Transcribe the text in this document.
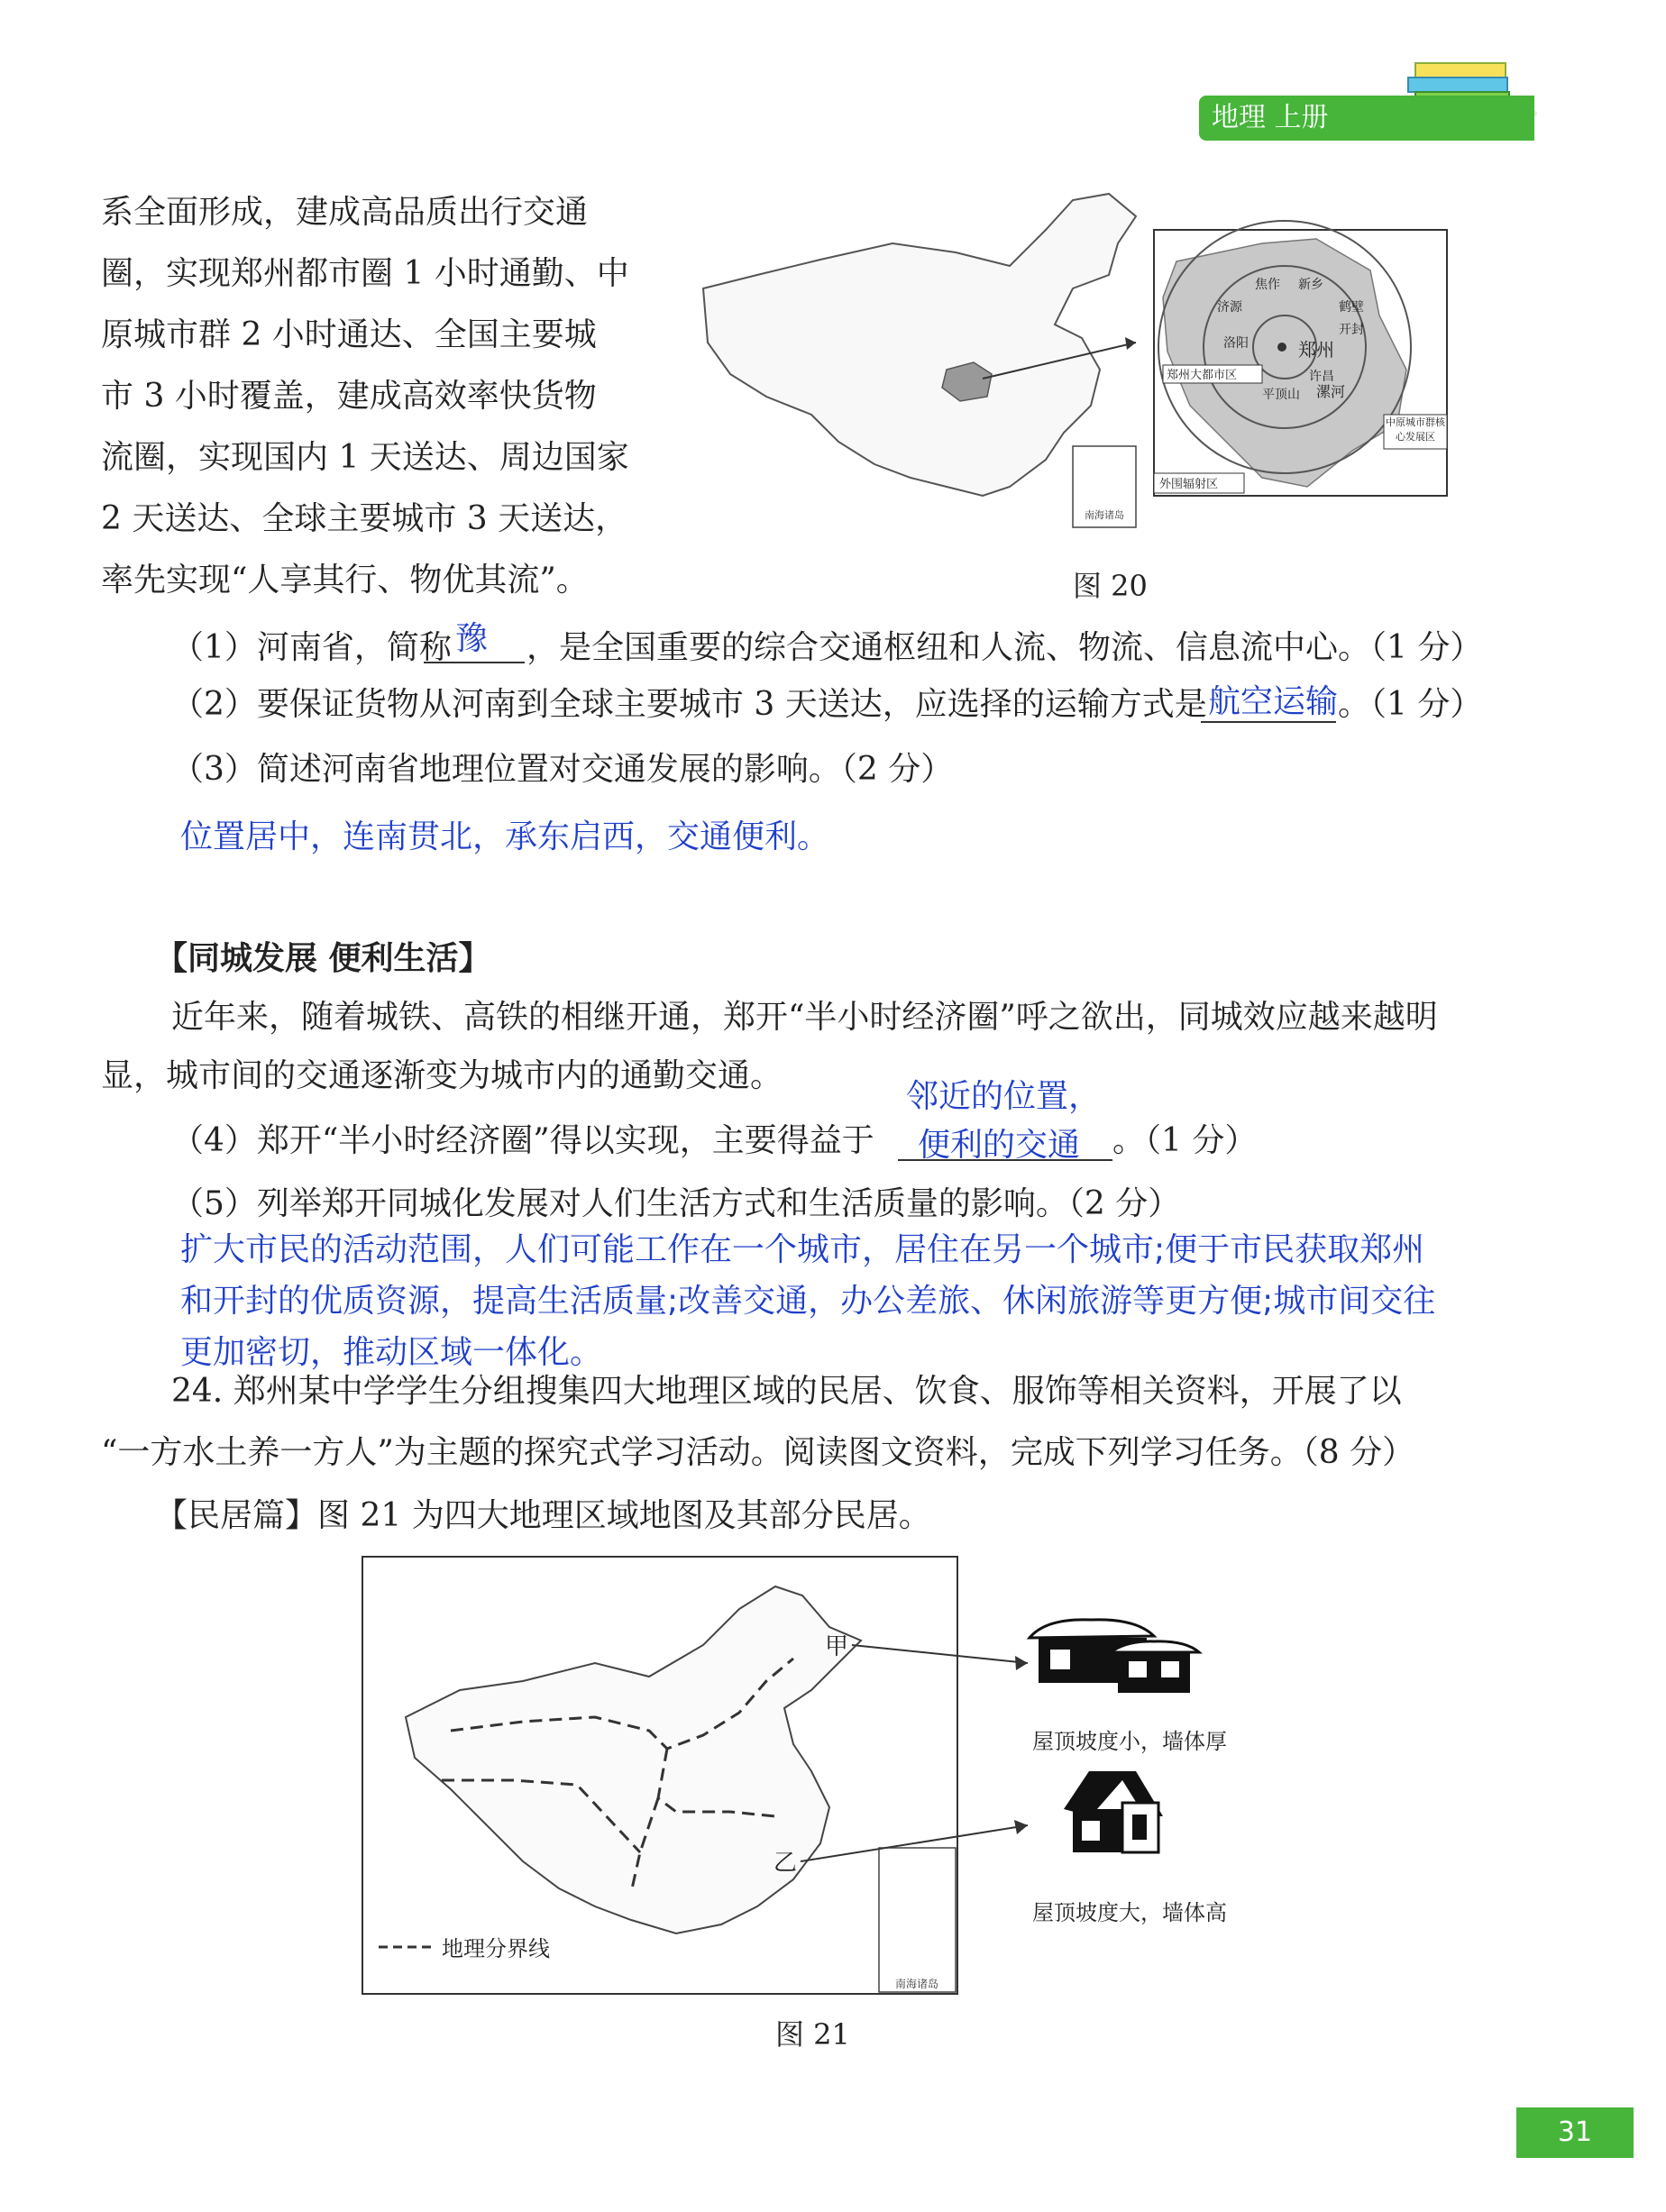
地理 上册
系全面形成，建成高品质出行交通
圈，实现郑州都市圈 1 小时通勤、中
原城市群 2 小时通达、全国主要城
市 3 小时覆盖，建成高效率快货物
流圈，实现国内 1 天送达、周边国家
2 天送达、全球主要城市 3 天送达，
率先实现“人享其行、物优其流”。
南海诸岛
郑州
焦作 新乡
济源	鹤壁
洛阳
开封
郑州大都市区	许昌
平顶山 漯河
中原城市群核心发展区
外围辐射区
图 20
（1）河南省，简称 豫 ，是全国重要的综合交通枢纽和人流、物流、信息流中心。（1 分）
（2）要保证货物从河南到全球主要城市 3 天送达，应选择的运输方式是 航空运输 。（1 分）
（3）简述河南省地理位置对交通发展的影响。（2 分）
位置居中，连南贯北，承东启西，交通便利。
【同城发展 便利生活】
近年来，随着城铁、高铁的相继开通，郑开“半小时经济圈”呼之欲出，同城效应越来越明
显，城市间的交通逐渐变为城市内的通勤交通。
邻近的位置，
（4）郑开“半小时经济圈”得以实现，主要得益于 便利的交通 。（1 分）
（5）列举郑开同城化发展对人们生活方式和生活质量的影响。（2 分）
扩大市民的活动范围，人们可能工作在一个城市，居住在另一个城市;便于市民获取郑州
和开封的优质资源，提高生活质量;改善交通，办公差旅、休闲旅游等更方便;城市间交往
更加密切，推动区域一体化。
24. 郑州某中学学生分组搜集四大地理区域的民居、饮食、服饰等相关资料，开展了以
“一方水土养一方人”为主题的探究式学习活动。阅读图文资料，完成下列学习任务。（8 分）
【民居篇】图 21 为四大地理区域地图及其部分民居。
甲
乙
南海诸岛
地理分界线
屋顶坡度小，墙体厚
屋顶坡度大，墙体高
图 21
31
